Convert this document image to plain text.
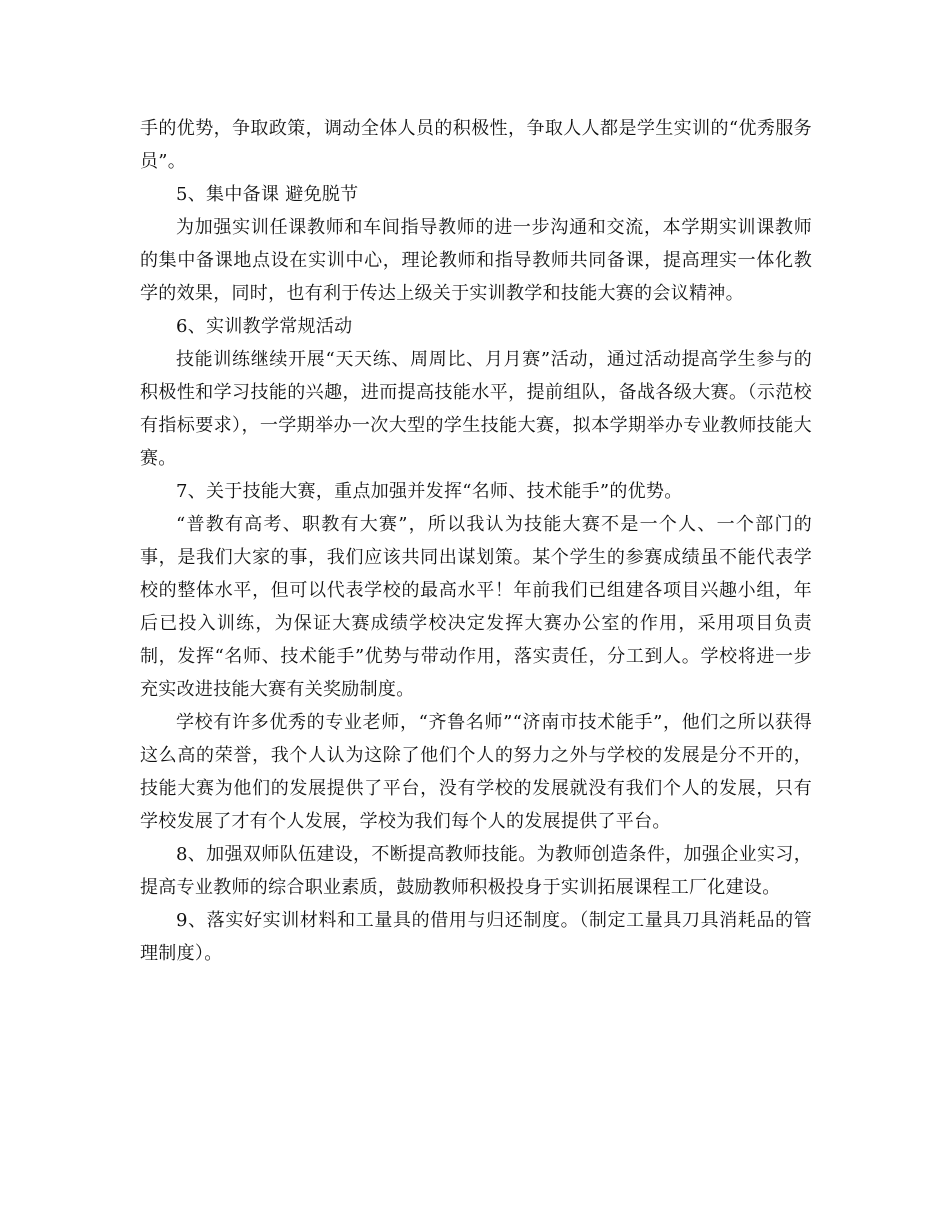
手的优势，争取政策，调动全体人员的积极性，争取人人都是学生实训的“优秀服务员”。

5、集中备课 避免脱节

为加强实训任课教师和车间指导教师的进一步沟通和交流，本学期实训课教师的集中备课地点设在实训中心，理论教师和指导教师共同备课，提高理实一体化教学的效果，同时，也有利于传达上级关于实训教学和技能大赛的会议精神。

6、实训教学常规活动

技能训练继续开展“天天练、周周比、月月赛”活动，通过活动提高学生参与的积极性和学习技能的兴趣，进而提高技能水平，提前组队，备战各级大赛。（示范校有指标要求），一学期举办一次大型的学生技能大赛，拟本学期举办专业教师技能大赛。

7、关于技能大赛，重点加强并发挥“名师、技术能手”的优势。

“普教有高考、职教有大赛”，所以我认为技能大赛不是一个人、一个部门的事，是我们大家的事，我们应该共同出谋划策。某个学生的参赛成绩虽不能代表学校的整体水平，但可以代表学校的最高水平！年前我们已组建各项目兴趣小组，年后已投入训练，为保证大赛成绩学校决定发挥大赛办公室的作用，采用项目负责制，发挥“名师、技术能手”优势与带动作用，落实责任，分工到人。学校将进一步充实改进技能大赛有关奖励制度。

学校有许多优秀的专业老师，“齐鲁名师”“济南市技术能手”，他们之所以获得这么高的荣誉，我个人认为这除了他们个人的努力之外与学校的发展是分不开的，技能大赛为他们的发展提供了平台，没有学校的发展就没有我们个人的发展，只有学校发展了才有个人发展，学校为我们每个人的发展提供了平台。

8、加强双师队伍建设，不断提高教师技能。为教师创造条件，加强企业实习，提高专业教师的综合职业素质，鼓励教师积极投身于实训拓展课程工厂化建设。

9、落实好实训材料和工量具的借用与归还制度。（制定工量具刀具消耗品的管理制度）。
